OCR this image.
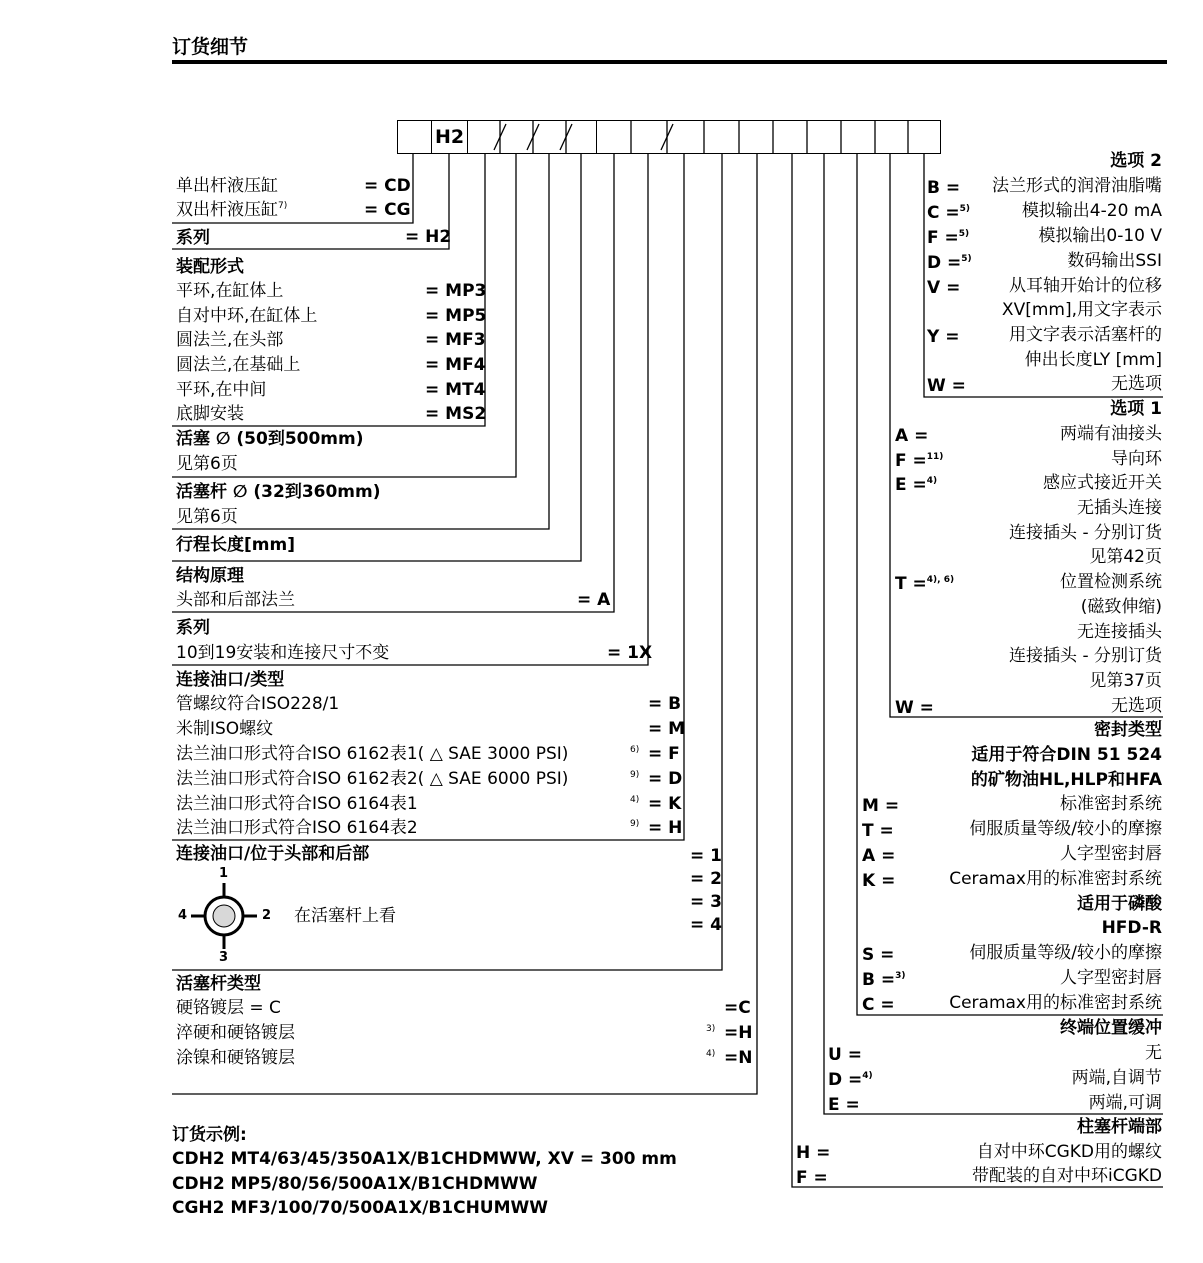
订货细节
H2
单出杆液压缸	= CD
双出杆液压缸$^{7)}$	= CG
系列	= H2
装配形式
平环,在缸体上	= MP3
自对中环,在缸体上	= MP5
圆法兰,在头部	= MF3
圆法兰,在基础上	= MF4
平环,在中间	= MT4
底脚安装	= MS2
活塞 ∅ (50到500mm)
见第6页
活塞杆 ∅ (32到360mm)
见第6页
行程长度[mm]
结构原理
头部和后部法兰	= A
系列
10到19安装和连接尺寸不变	= 1X
连接油口/类型
管螺纹符合ISO228/1	= B
米制ISO螺纹	= M
法兰油口形式符合ISO 6162表1( △ SAE 3000 PSI)	$^{6)}$ = F
法兰油口形式符合ISO 6162表2( △ SAE 6000 PSI)	$^{9)}$ = D
法兰油口形式符合ISO 6164表1	$^{4)}$ = K
法兰油口形式符合ISO 6164表2	$^{9)}$ = H
连接油口/位于头部和后部	= 1
= 2
= 3
= 4
1
2
3
4	在活塞杆上看
活塞杆类型
硬铬镀层 = C	=C
淬硬和硬铬镀层	$^{3)}$ =H
涂镍和硬铬镀层	$^{4)}$ =N
订货示例:
CDH2 MT4/63/45/350A1X/B1CHDMWW, XV = 300 mm
CDH2 MP5/80/56/500A1X/B1CHDMWW
CGH2 MF3/100/70/500A1X/B1CHUMWW
选项 2
B = 法兰形式的润滑油脂嘴
C =$^{5)}$	模拟输出4-20 mA
F =$^{5)}$	模拟输出0-10 V
D =$^{5)}$	数码输出SSI
V =	从耳轴开始计的位移
XV[mm],用文字表示
Y =	用文字表示活塞杆的
伸出长度LY [mm]
W =	无选项
选项 1
A =	两端有油接头
F =$^{11)}$	导向环
E =$^{4)}$	感应式接近开关
无插头连接
连接插头 - 分别订货
见第42页
T =$^{4), 6)}$	位置检测系统
(磁致伸缩)
无连接插头
连接插头 - 分别订货
见第37页
W =	无选项
密封类型
适用于符合DIN 51 524
的矿物油HL,HLP和HFA
M =	标准密封系统
T =	伺服质量等级/较小的摩擦
A =	人字型密封唇
K =	Ceramax用的标准密封系统
适用于磷酸
HFD-R
S =	伺服质量等级/较小的摩擦
B =$^{3)}$	人字型密封唇
C =	Ceramax用的标准密封系统
终端位置缓冲
U =	无
D =$^{4)}$	两端,自调节
E =	两端,可调
柱塞杆端部
H =	自对中环CGKD用的螺纹
F =	带配装的自对中环iCGKD
